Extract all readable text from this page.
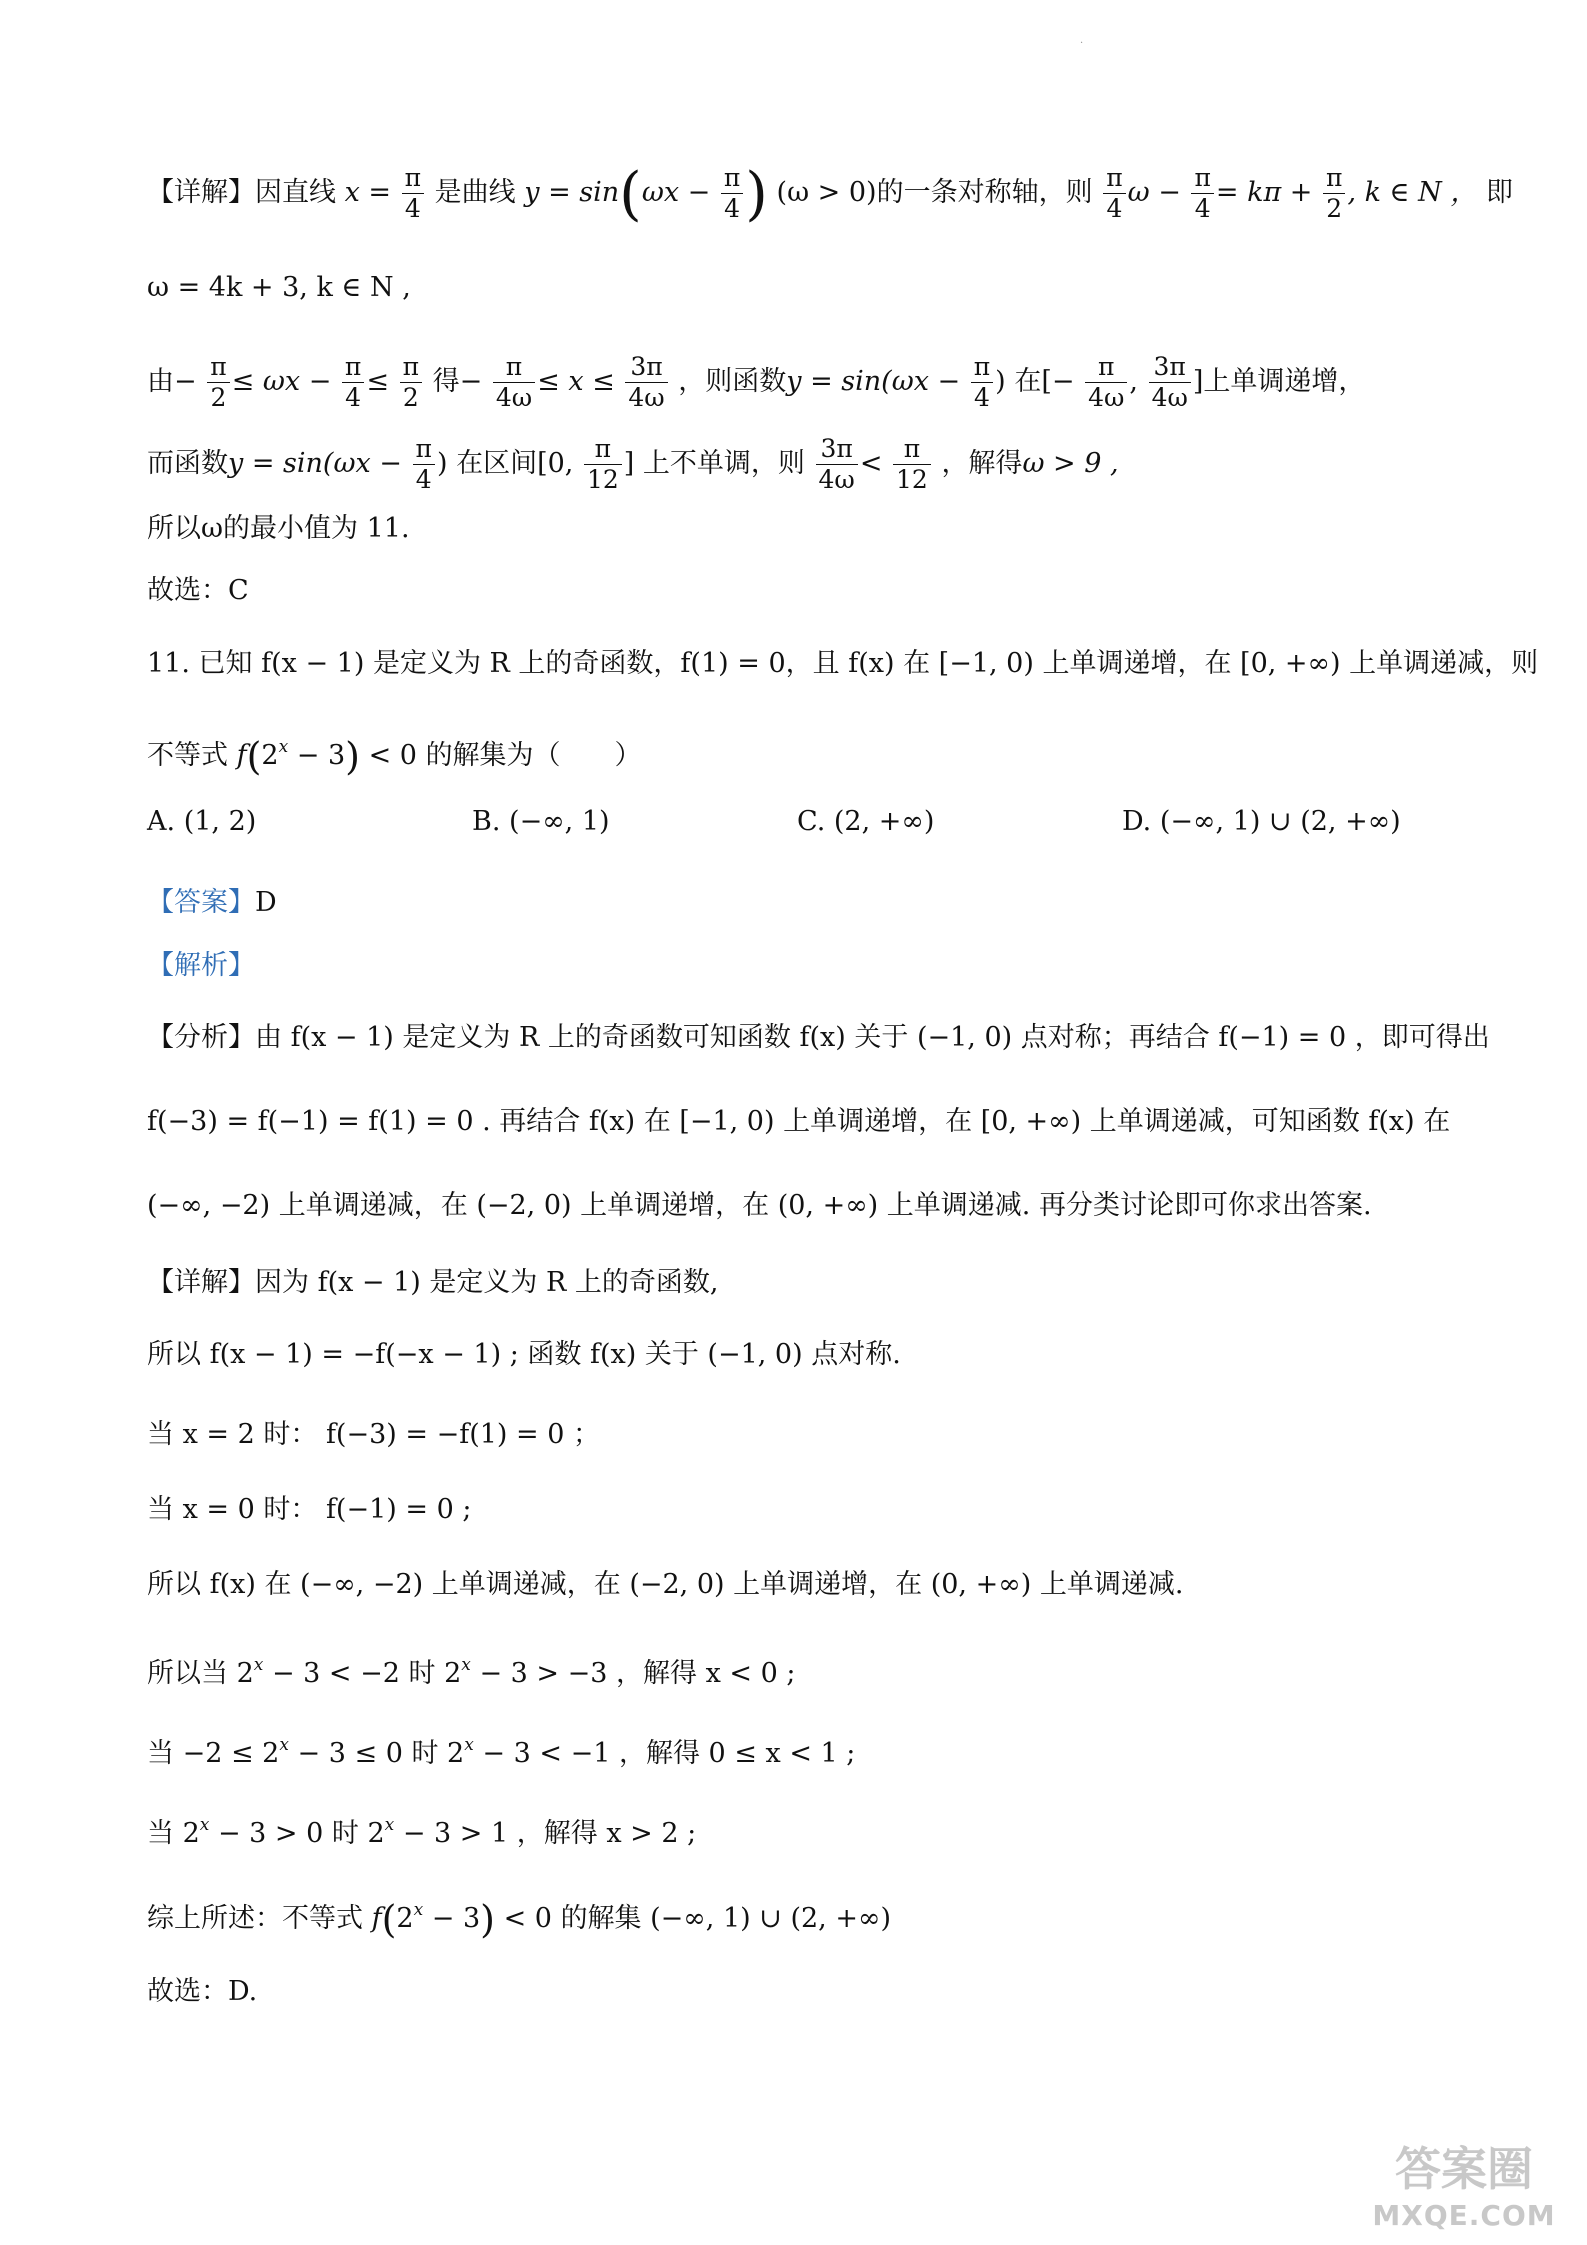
·
【详解】因直线 $x = \frac{\pi}{4}$ 是曲线 $y = \sin(\omega x - \frac{\pi}{4}$ ) (ω > 0)的一条对称轴，则 $\frac{\pi}{4}$ $\omega - \frac{\pi}{4} = k\pi + \frac{\pi}{2}$ , k ∈ N ， 即
ω = 4k + 3, k ∈ N ,
由− $\frac{\pi}{2} \le \omega x - \frac{\pi}{4} \le \frac{\pi}{2}$ 得− $\frac{\pi}{4\omega} \le x \le \frac{3\pi}{4\omega}$ ，则函数$y = \sin(\omega x - \frac{\pi}{4}$ ) 在[− $\frac{\pi}{4\omega}$ , $\frac{3\pi}{4\omega}$ ]上单调递增，
而函数$y = \sin(\omega x - \frac{\pi}{4}$ ) 在区间[0, $\frac{\pi}{12}$ ] 上不单调，则 $\frac{3\pi}{4\omega} < \frac{\pi}{12}$ ，解得ω > 9 ,
所以ω的最小值为 11.
故选：C
11. 已知 f(x − 1) 是定义为 R 上的奇函数，f(1) = 0，且 f(x) 在 [−1, 0) 上单调递增，在 [0, +∞) 上单调递减，则
不等式 $f(2^x - 3) < 0$ 的解集为（　　）
A. (1, 2)	B. (−∞, 1)	C. (2, +∞)	D. (−∞, 1) ∪ (2, +∞)
【答案】D
【解析】
【分析】由 f(x − 1) 是定义为 R 上的奇函数可知函数 f(x) 关于 (−1, 0) 点对称；再结合 f(−1) = 0 ，即可得出
f(−3) = f(−1) = f(1) = 0 . 再结合 f(x) 在 [−1, 0) 上单调递增，在 [0, +∞) 上单调递减，可知函数 f(x) 在
(−∞, −2) 上单调递减，在 (−2, 0) 上单调递增，在 (0, +∞) 上单调递减. 再分类讨论即可你求出答案.
【详解】因为 f(x − 1) 是定义为 R 上的奇函数,
所以 f(x − 1) = −f(−x − 1) ; 函数 f(x) 关于 (−1, 0) 点对称.
当 x = 2 时： f(−3) = −f(1) = 0 ；
当 x = 0 时： f(−1) = 0 ;
所以 f(x) 在 (−∞, −2) 上单调递减，在 (−2, 0) 上单调递增，在 (0, +∞) 上单调递减.
所以当 $2^x - 3 < -2$ 时 $2^x - 3 > -3$ ，解得 x < 0 ;
当 $-2 \le 2^x - 3 \le 0$ 时 $2^x - 3 < -1$ ，解得 0 ≤ x < 1 ;
当 $2^x - 3 > 0$ 时 $2^x - 3 > 1$ ，解得 x > 2 ;
综上所述：不等式 $f(2^x - 3) < 0$ 的解集 (−∞, 1) ∪ (2, +∞)
故选：D.
答案圈
MXQE.COM
